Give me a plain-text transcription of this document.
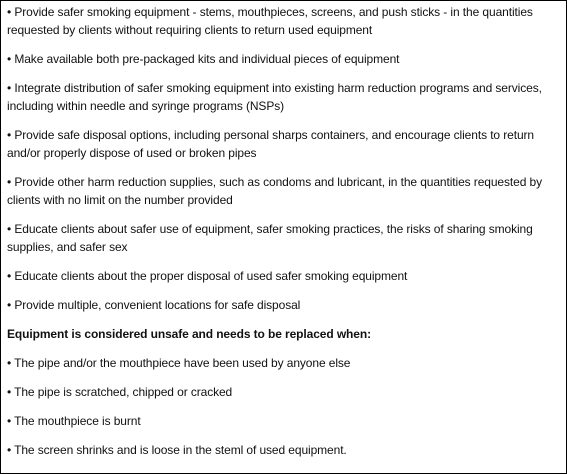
• Provide safer smoking equipment - stems, mouthpieces, screens, and push sticks - in the quantities requested by clients without requiring clients to return used equipment

• Make available both pre-packaged kits and individual pieces of equipment

• Integrate distribution of safer smoking equipment into existing harm reduction programs and services, including within needle and syringe programs (NSPs)

• Provide safe disposal options, including personal sharps containers, and encourage clients to return and/or properly dispose of used or broken pipes

• Provide other harm reduction supplies, such as condoms and lubricant, in the quantities requested by clients with no limit on the number provided

• Educate clients about safer use of equipment, safer smoking practices, the risks of sharing smoking supplies, and safer sex

• Educate clients about the proper disposal of used safer smoking equipment

• Provide multiple, convenient locations for safe disposal

Equipment is considered unsafe and needs to be replaced when:

• The pipe and/or the mouthpiece have been used by anyone else

• The pipe is scratched, chipped or cracked

• The mouthpiece is burnt

• The screen shrinks and is loose in the steml of used equipment.
